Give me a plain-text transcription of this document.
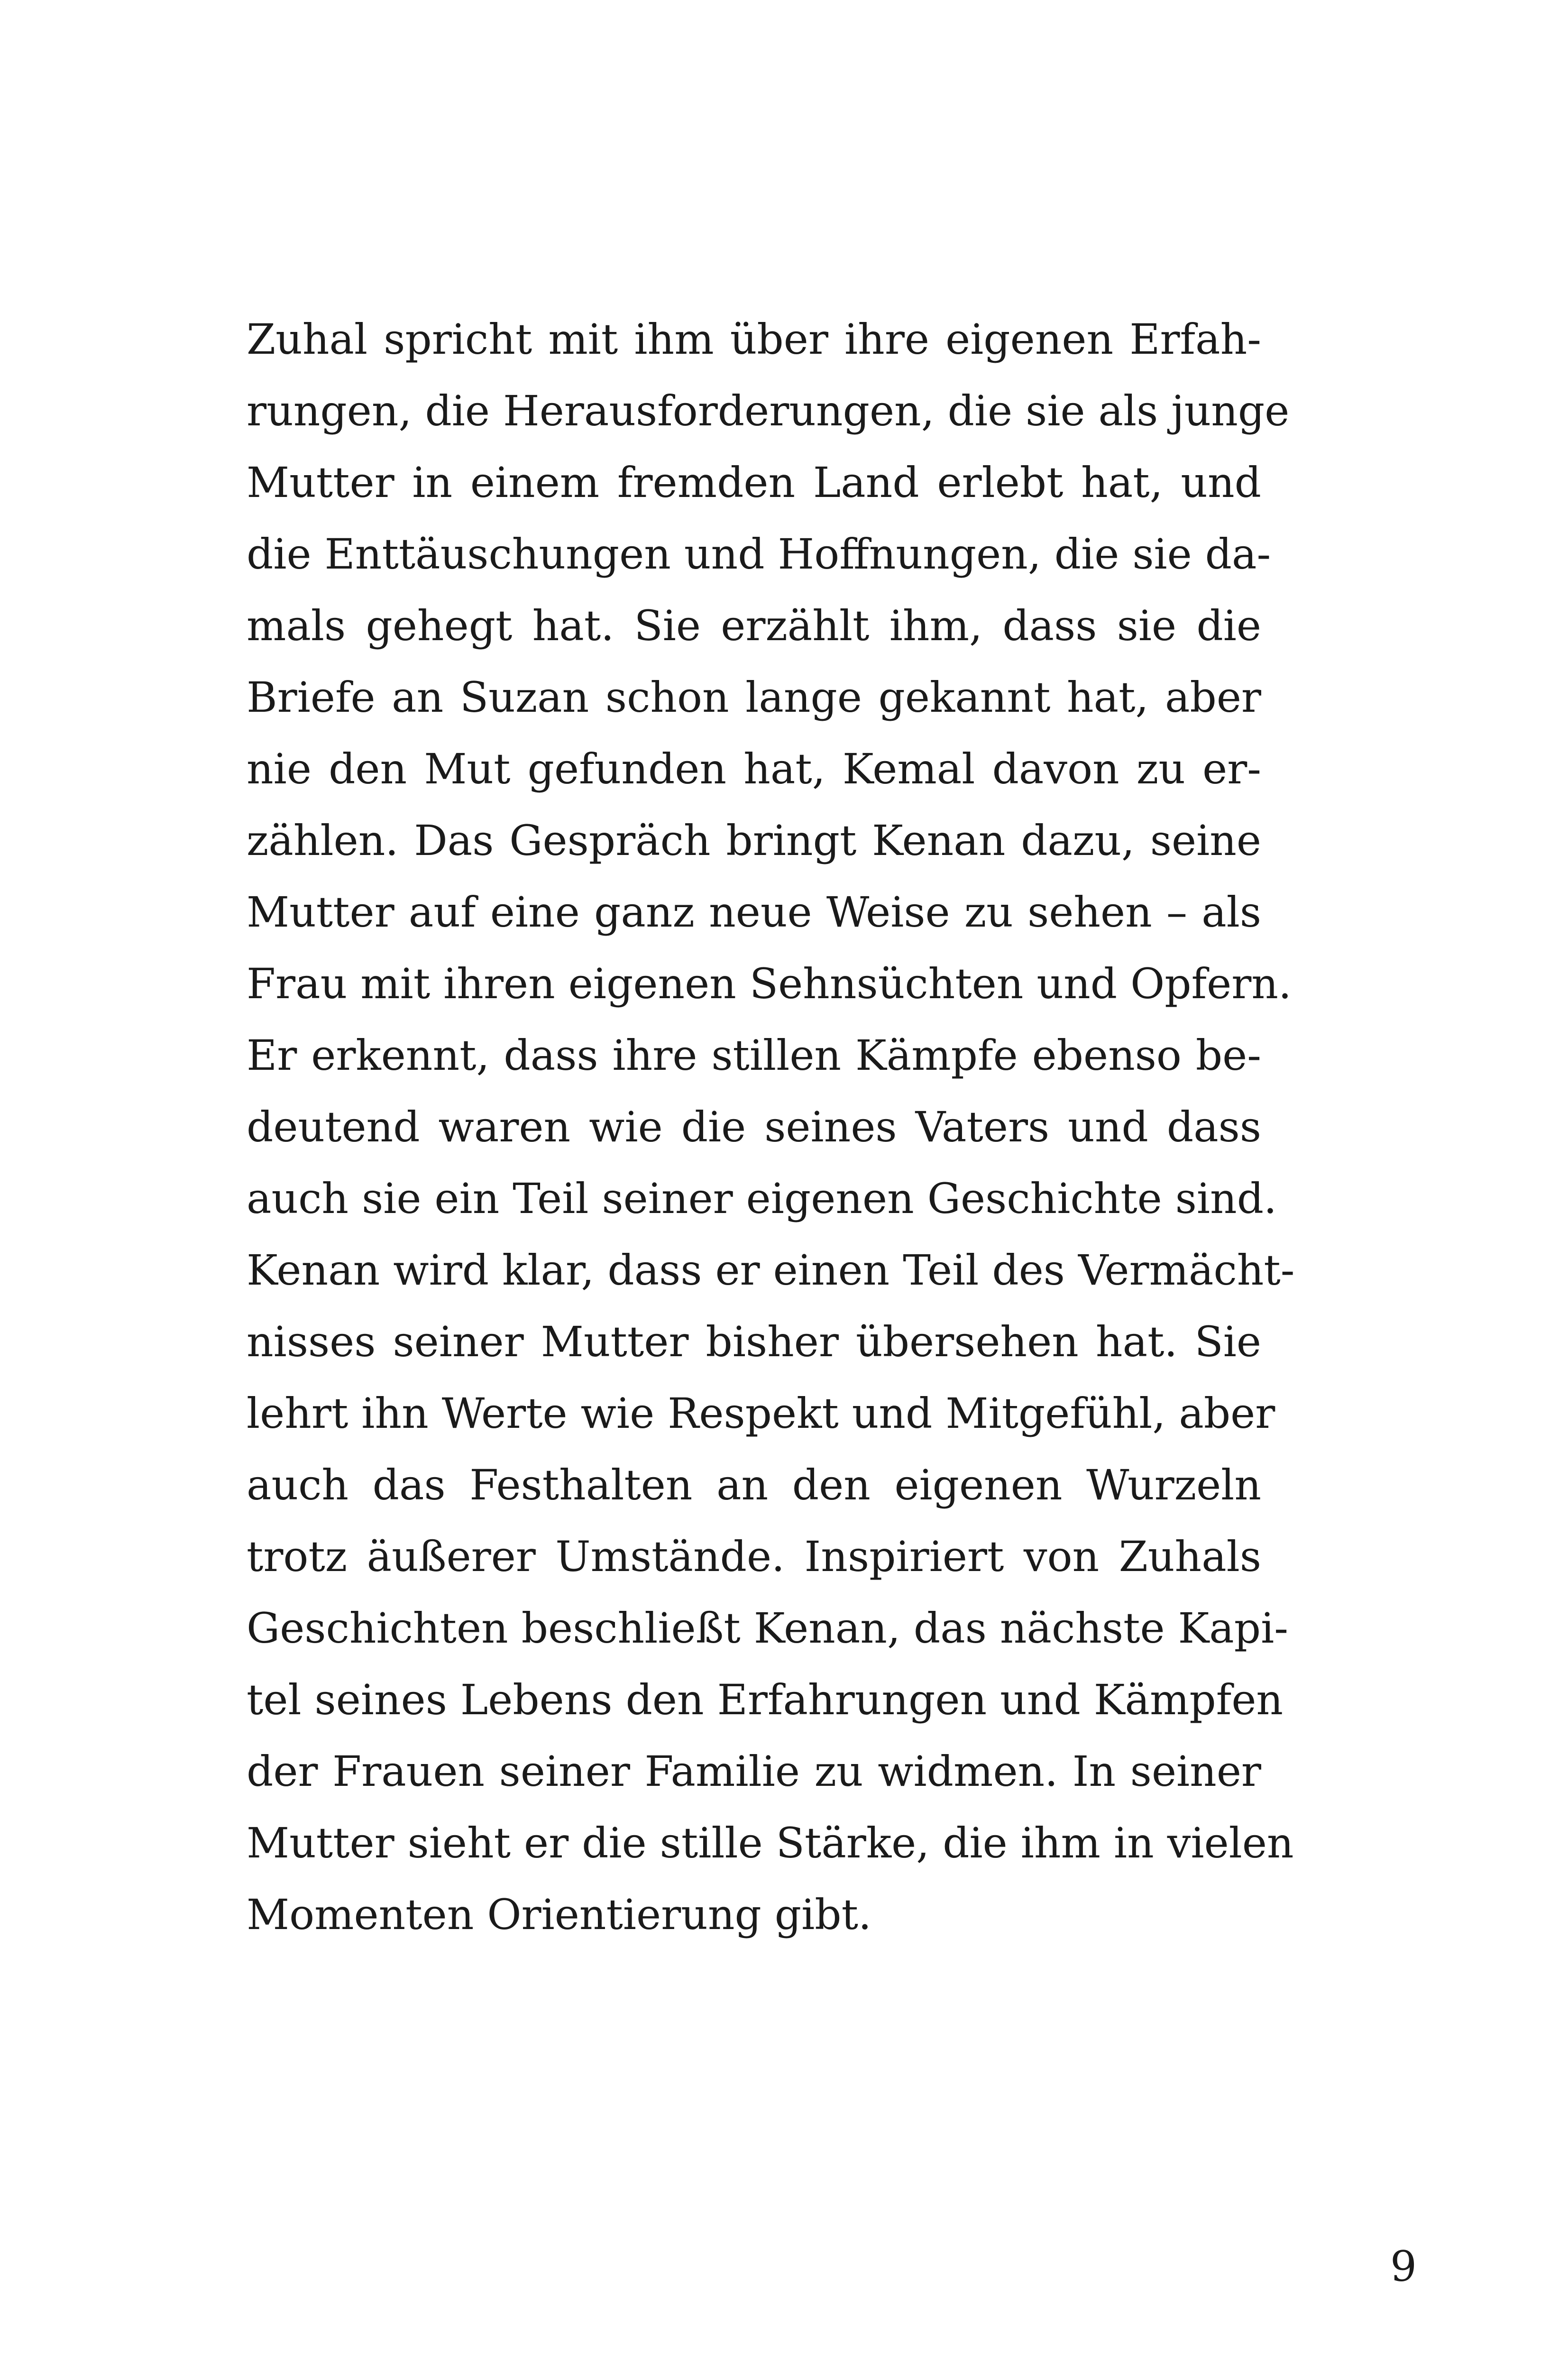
Zuhal spricht mit ihm über ihre eigenen Erfah-
rungen, die Herausforderungen, die sie als junge
Mutter in einem fremden Land erlebt hat, und
die Enttäuschungen und Hoffnungen, die sie da-
mals gehegt hat. Sie erzählt ihm, dass sie die
Briefe an Suzan schon lange gekannt hat, aber
nie den Mut gefunden hat, Kemal davon zu er-
zählen. Das Gespräch bringt Kenan dazu, seine
Mutter auf eine ganz neue Weise zu sehen – als
Frau mit ihren eigenen Sehnsüchten und Opfern.
Er erkennt, dass ihre stillen Kämpfe ebenso be-
deutend waren wie die seines Vaters und dass
auch sie ein Teil seiner eigenen Geschichte sind.
Kenan wird klar, dass er einen Teil des Vermächt-
nisses seiner Mutter bisher übersehen hat. Sie
lehrt ihn Werte wie Respekt und Mitgefühl, aber
auch das Festhalten an den eigenen Wurzeln
trotz äußerer Umstände. Inspiriert von Zuhals
Geschichten beschließt Kenan, das nächste Kapi-
tel seines Lebens den Erfahrungen und Kämpfen
der Frauen seiner Familie zu widmen. In seiner
Mutter sieht er die stille Stärke, die ihm in vielen
Momenten Orientierung gibt.
9
